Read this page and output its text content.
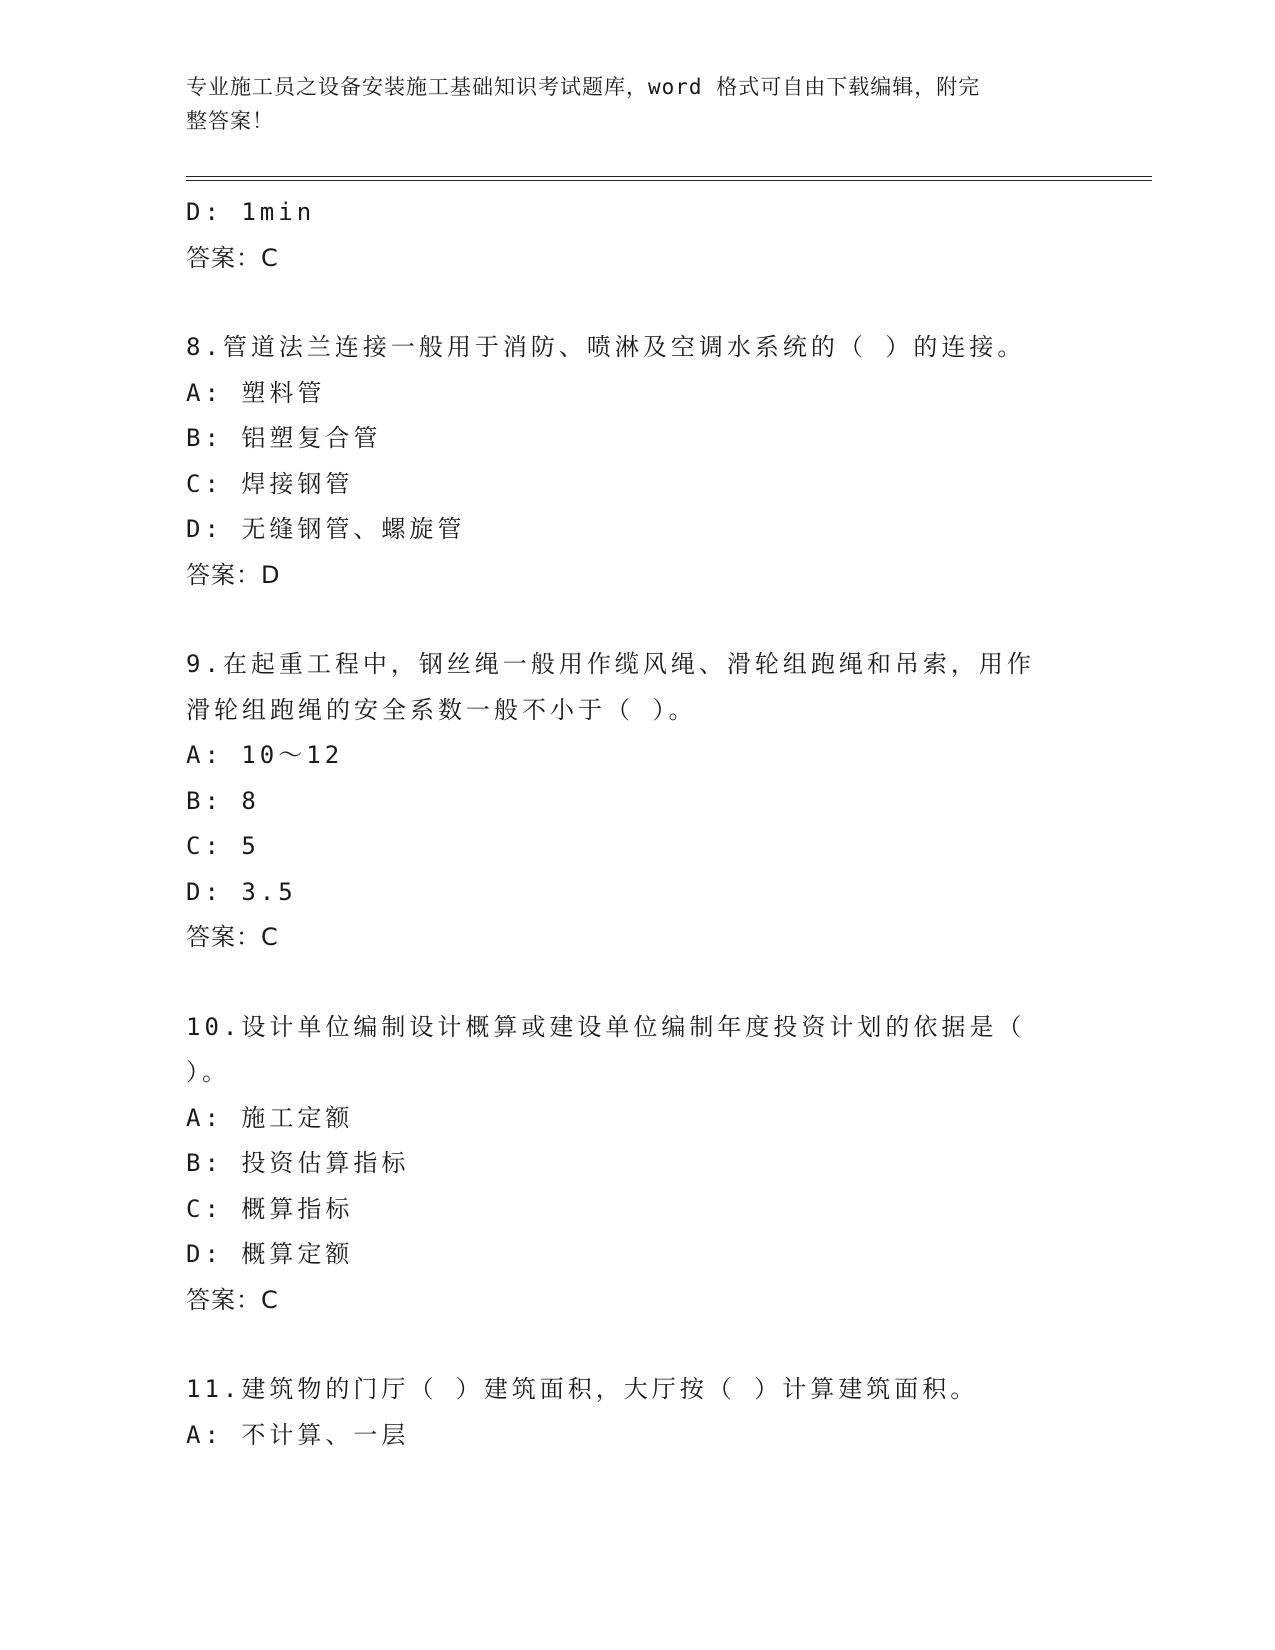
专业施工员之设备安装施工基础知识考试题库，word 格式可自由下载编辑，附完
整答案！
D: 1min
答案：C
8.管道法兰连接一般用于消防、喷淋及空调水系统的（ ）的连接。
A: 塑料管
B: 铝塑复合管
C: 焊接钢管
D: 无缝钢管、螺旋管
答案：D
9.在起重工程中，钢丝绳一般用作缆风绳、滑轮组跑绳和吊索，用作
滑轮组跑绳的安全系数一般不小于（ ）。
A: 10～12
B: 8
C: 5
D: 3.5
答案：C
10.设计单位编制设计概算或建设单位编制年度投资计划的依据是（
）。
A: 施工定额
B: 投资估算指标
C: 概算指标
D: 概算定额
答案：C
11.建筑物的门厅（ ）建筑面积，大厅按（ ）计算建筑面积。
A: 不计算、一层
